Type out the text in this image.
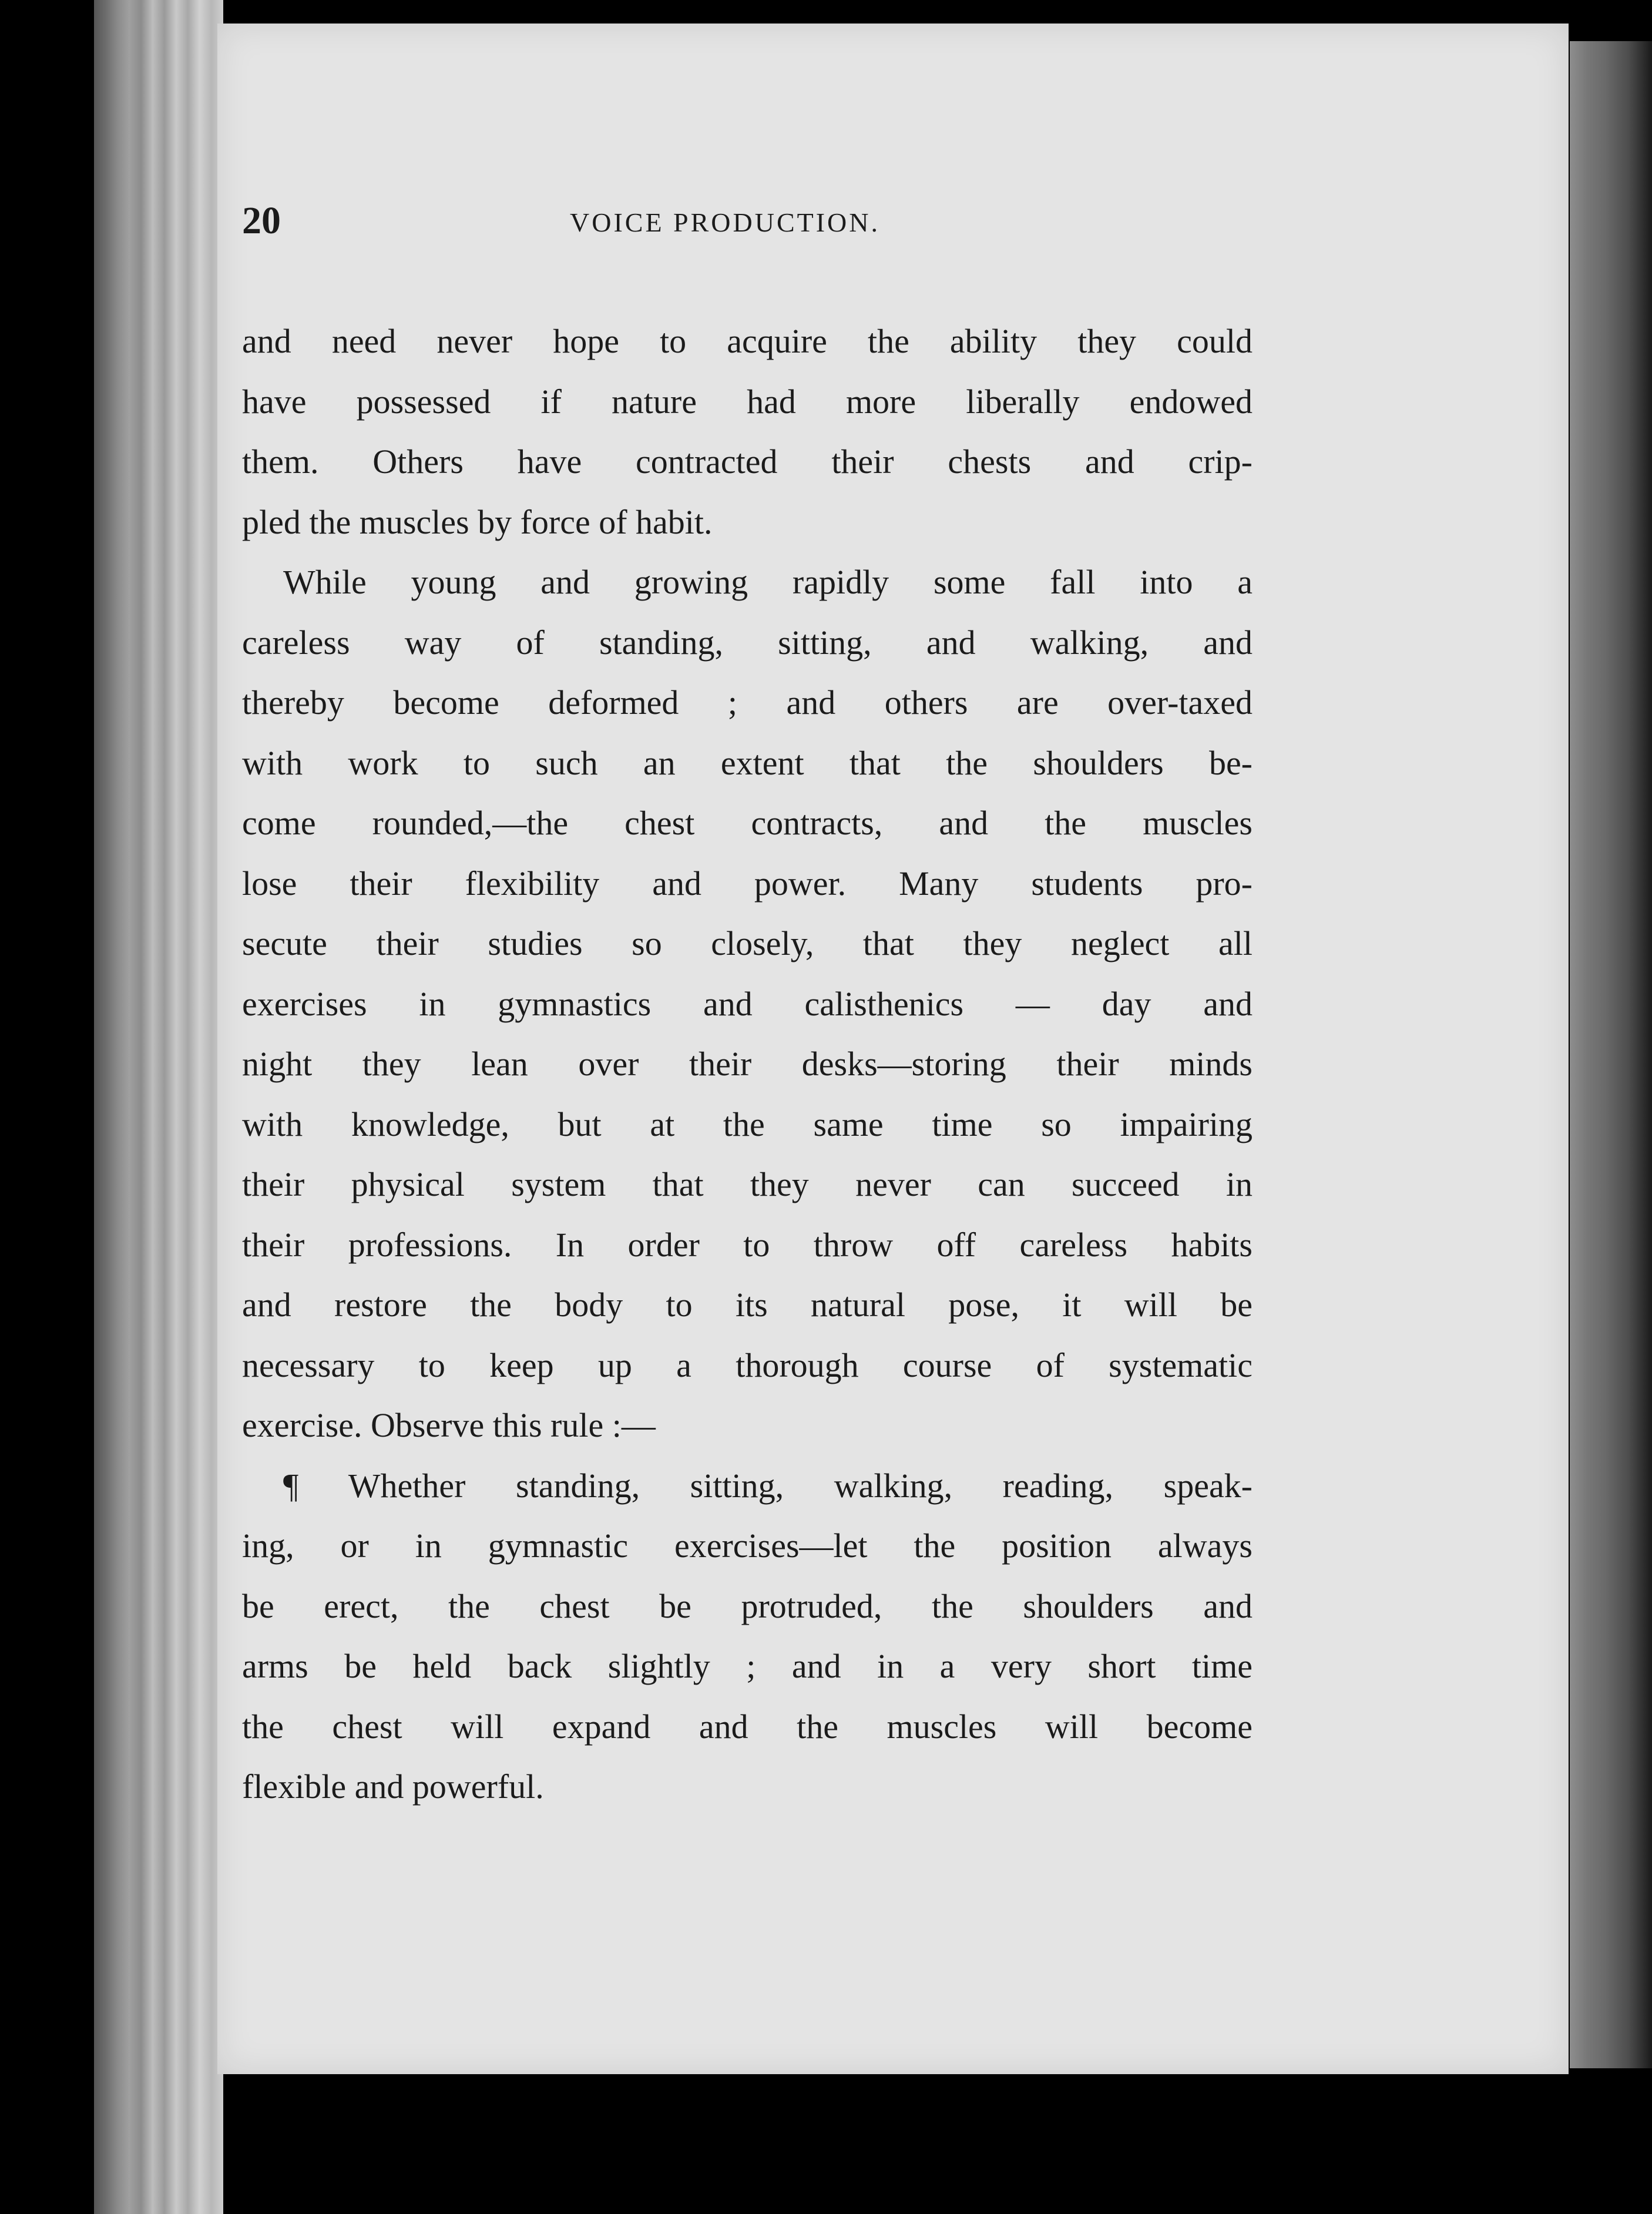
20	VOICE PRODUCTION.
and need never hope to acquire the ability they could
have possessed if nature had more liberally endowed
them. Others have contracted their chests and crip-
pled the muscles by force of habit.
While young and growing rapidly some fall into a
careless way of standing, sitting, and walking, and
thereby become deformed ; and others are over-taxed
with work to such an extent that the shoulders be-
come rounded,—the chest contracts, and the muscles
lose their flexibility and power. Many students pro-
secute their studies so closely, that they neglect all
exercises in gymnastics and calisthenics — day and
night they lean over their desks—storing their minds
with knowledge, but at the same time so impairing
their physical system that they never can succeed in
their professions. In order to throw off careless habits
and restore the body to its natural pose, it will be
necessary to keep up a thorough course of systematic
exercise. Observe this rule :—
¶ Whether standing, sitting, walking, reading, speak-
ing, or in gymnastic exercises—let the position always
be erect, the chest be protruded, the shoulders and
arms be held back slightly ; and in a very short time
the chest will expand and the muscles will become
flexible and powerful.
